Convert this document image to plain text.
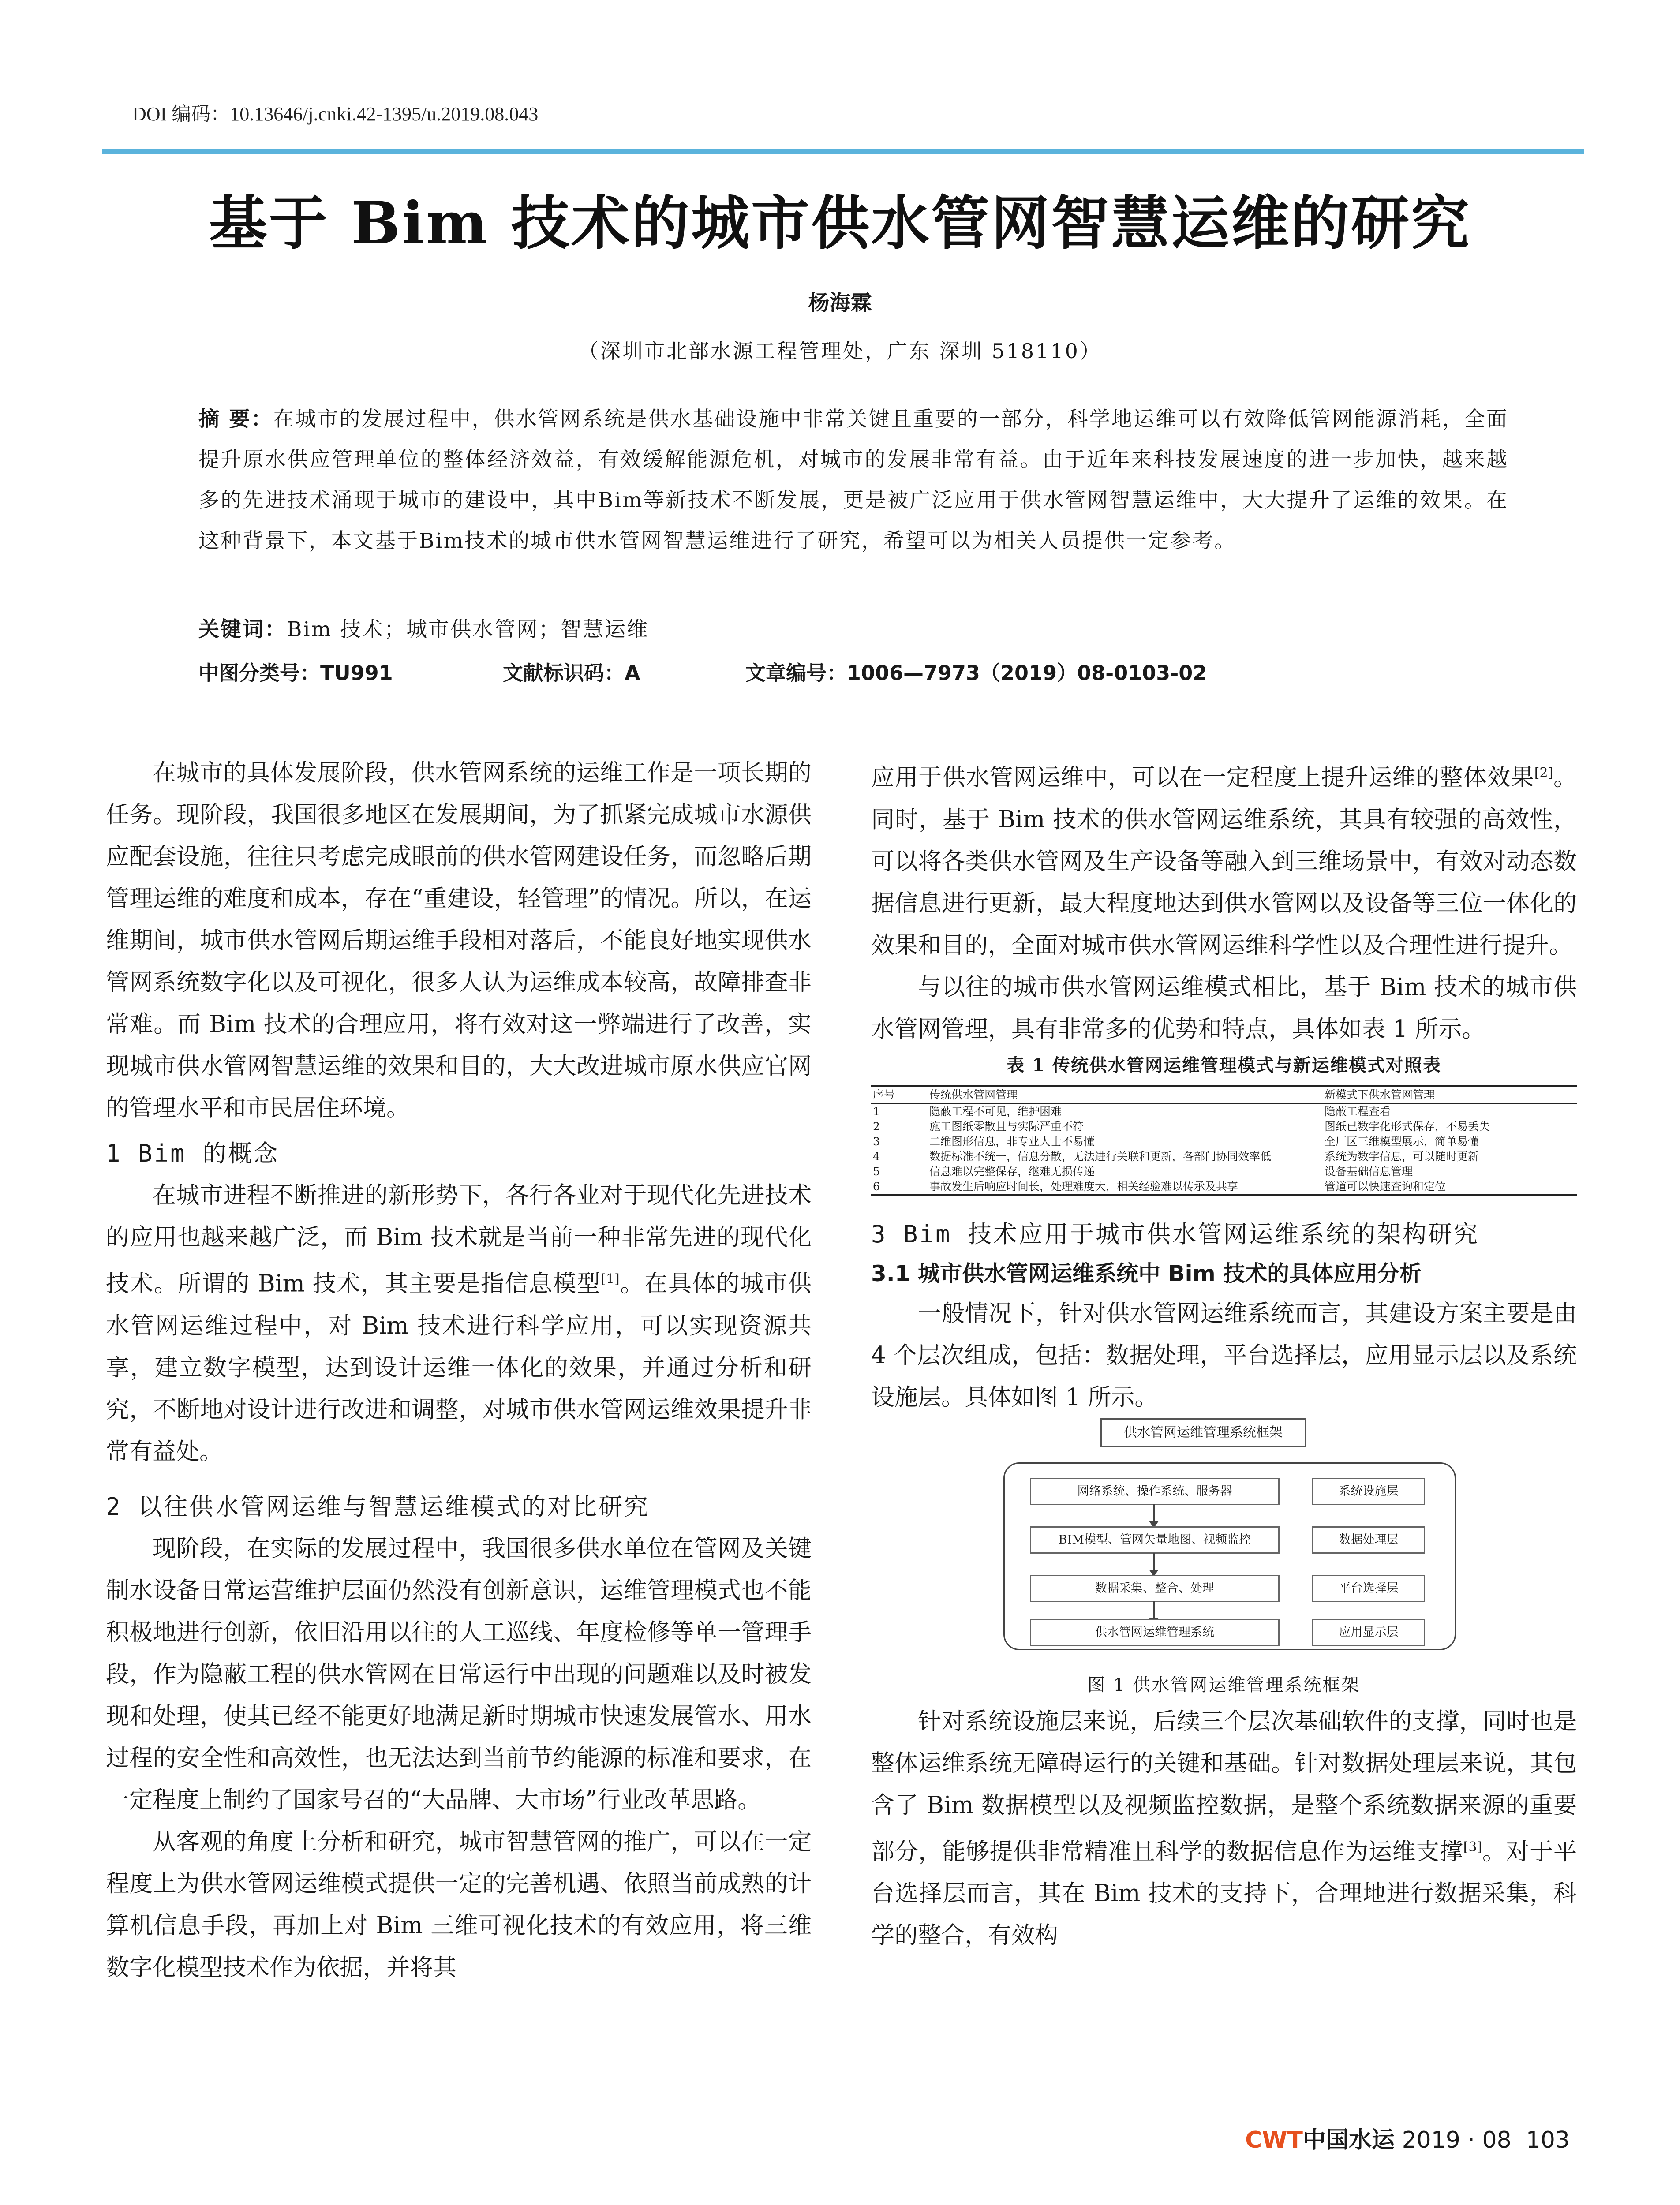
DOI 编码：10.13646/j.cnki.42-1395/u.2019.08.043
基于 Bim 技术的城市供水管网智慧运维的研究
杨海霖
（深圳市北部水源工程管理处，广东 深圳 518110）
摘 要：在城市的发展过程中，供水管网系统是供水基础设施中非常关键且重要的一部分，科学地运维可以有效降低管网能源消耗，全面提升原水供应管理单位的整体经济效益，有效缓解能源危机，对城市的发展非常有益。由于近年来科技发展速度的进一步加快，越来越多的先进技术涌现于城市的建设中，其中Bim等新技术不断发展，更是被广泛应用于供水管网智慧运维中，大大提升了运维的效果。在这种背景下，本文基于Bim技术的城市供水管网智慧运维进行了研究，希望可以为相关人员提供一定参考。
关键词：Bim 技术；城市供水管网；智慧运维
中图分类号：TU991	文献标识码：A	文章编号：1006—7973（2019）08-0103-02

在城市的具体发展阶段，供水管网系统的运维工作是一项长期的任务。现阶段，我国很多地区在发展期间，为了抓紧完成城市水源供应配套设施，往往只考虑完成眼前的供水管网建设任务，而忽略后期管理运维的难度和成本，存在“重建设，轻管理”的情况。所以，在运维期间，城市供水管网后期运维手段相对落后，不能良好地实现供水管网系统数字化以及可视化，很多人认为运维成本较高，故障排查非常难。而 Bim 技术的合理应用，将有效对这一弊端进行了改善，实现城市供水管网智慧运维的效果和目的，大大改进城市原水供应官网的管理水平和市民居住环境。

1 Bim 的概念

在城市进程不断推进的新形势下，各行各业对于现代化先进技术的应用也越来越广泛，而 Bim 技术就是当前一种非常先进的现代化技术。所谓的 Bim 技术，其主要是指信息模型[1]。在具体的城市供水管网运维过程中，对 Bim 技术进行科学应用，可以实现资源共享，建立数字模型，达到设计运维一体化的效果，并通过分析和研究，不断地对设计进行改进和调整，对城市供水管网运维效果提升非常有益处。

2 以往供水管网运维与智慧运维模式的对比研究

现阶段，在实际的发展过程中，我国很多供水单位在管网及关键制水设备日常运营维护层面仍然没有创新意识，运维管理模式也不能积极地进行创新，依旧沿用以往的人工巡线、年度检修等单一管理手段，作为隐蔽工程的供水管网在日常运行中出现的问题难以及时被发现和处理，使其已经不能更好地满足新时期城市快速发展管水、用水过程的安全性和高效性，也无法达到当前节约能源的标准和要求，在一定程度上制约了国家号召的“大品牌、大市场”行业改革思路。

从客观的角度上分析和研究，城市智慧管网的推广，可以在一定程度上为供水管网运维模式提供一定的完善机遇、依照当前成熟的计算机信息手段，再加上对 Bim 三维可视化技术的有效应用，将三维数字化模型技术作为依据，并将其

应用于供水管网运维中，可以在一定程度上提升运维的整体效果[2]。同时，基于 Bim 技术的供水管网运维系统，其具有较强的高效性，可以将各类供水管网及生产设备等融入到三维场景中，有效对动态数据信息进行更新，最大程度地达到供水管网以及设备等三位一体化的效果和目的，全面对城市供水管网运维科学性以及合理性进行提升。

与以往的城市供水管网运维模式相比，基于 Bim 技术的城市供水管网管理，具有非常多的优势和特点，具体如表 1 所示。

表 1 传统供水管网运维管理模式与新运维模式对照表
序号	传统供水管网管理	新模式下供水管网管理
1	隐蔽工程不可见，维护困难	隐蔽工程查看
2	施工图纸零散且与实际严重不符	图纸已数字化形式保存，不易丢失
3	二维图形信息，非专业人士不易懂	全厂区三维模型展示，简单易懂
4	数据标准不统一，信息分散，无法进行关联和更新，各部门协同效率低	系统为数字信息，可以随时更新
5	信息难以完整保存，继难无损传递	设备基础信息管理
6	事故发生后响应时间长，处理难度大，相关经验难以传承及共享	管道可以快速查询和定位
3 Bim 技术应用于城市供水管网运维系统的架构研究
3.1 城市供水管网运维系统中 Bim 技术的具体应用分析

一般情况下，针对供水管网运维系统而言，其建设方案主要是由 4 个层次组成，包括：数据处理，平台选择层，应用显示层以及系统设施层。具体如图 1 所示。

供水管网运维管理系统框架
网络系统、操作系统、服务器
BIM模型、管网矢量地图、视频监控
数据采集、整合、处理
供水管网运维管理系统
系统设施层
数据处理层
平台选择层
应用显示层
图 1 供水管网运维管理系统框架

针对系统设施层来说，后续三个层次基础软件的支撑，同时也是整体运维系统无障碍运行的关键和基础。针对数据处理层来说，其包含了 Bim 数据模型以及视频监控数据，是整个系统数据来源的重要部分，能够提供非常精准且科学的数据信息作为运维支撑[3]。对于平台选择层而言，其在 Bim 技术的支持下，合理地进行数据采集，科学的整合，有效构

CWT中国水运 2019 · 08 103
